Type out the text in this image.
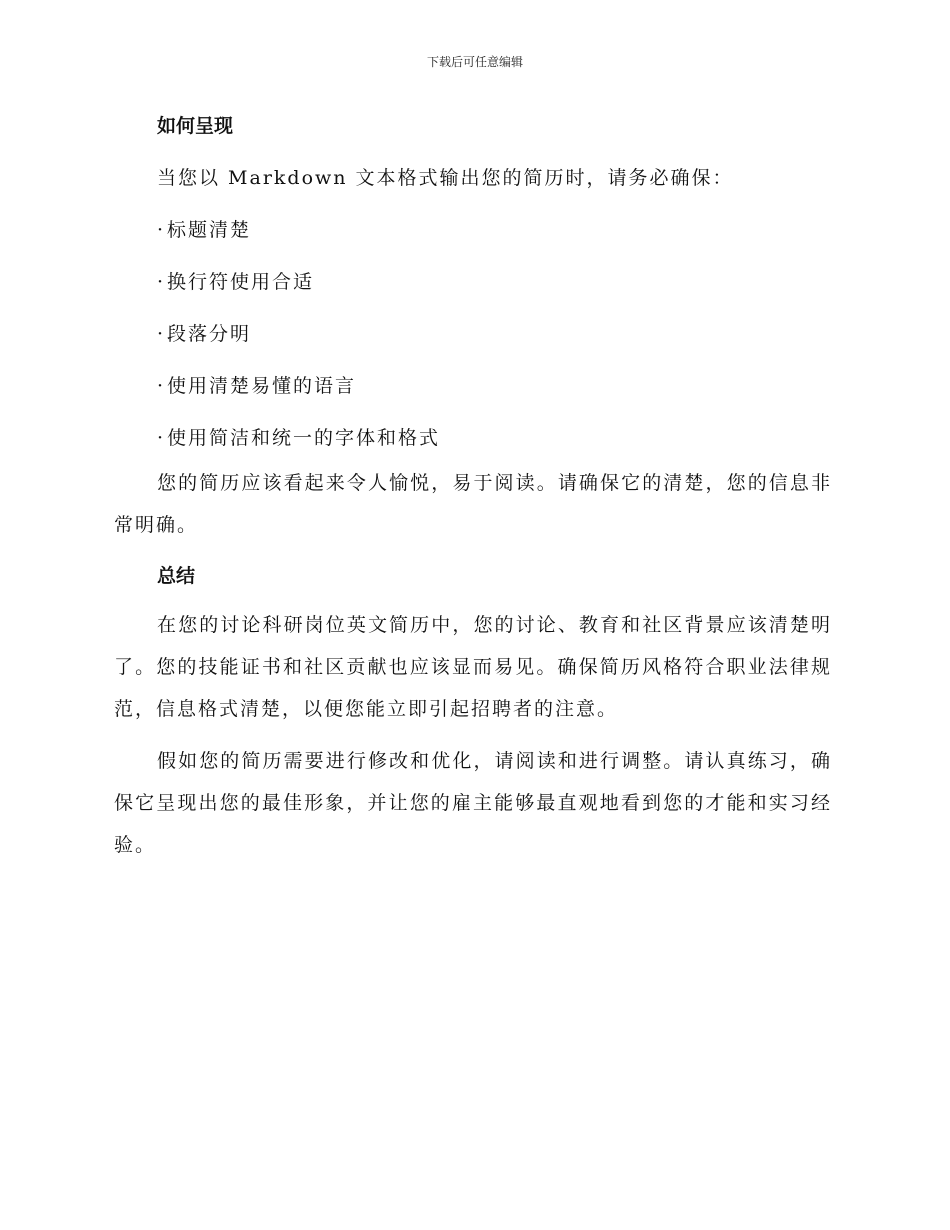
下载后可任意编辑
如何呈现
当您以 Markdown 文本格式输出您的简历时，请务必确保：
· 标题清楚
· 换行符使用合适
· 段落分明
· 使用清楚易懂的语言
· 使用简洁和统一的字体和格式
您的简历应该看起来令人愉悦，易于阅读。请确保它的清楚，您的信息非常明确。
总结
在您的讨论科研岗位英文简历中，您的讨论、教育和社区背景应该清楚明了。您的技能证书和社区贡献也应该显而易见。确保简历风格符合职业法律规范，信息格式清楚，以便您能立即引起招聘者的注意。
假如您的简历需要进行修改和优化，请阅读和进行调整。请认真练习，确保它呈现出您的最佳形象，并让您的雇主能够最直观地看到您的才能和实习经验。
